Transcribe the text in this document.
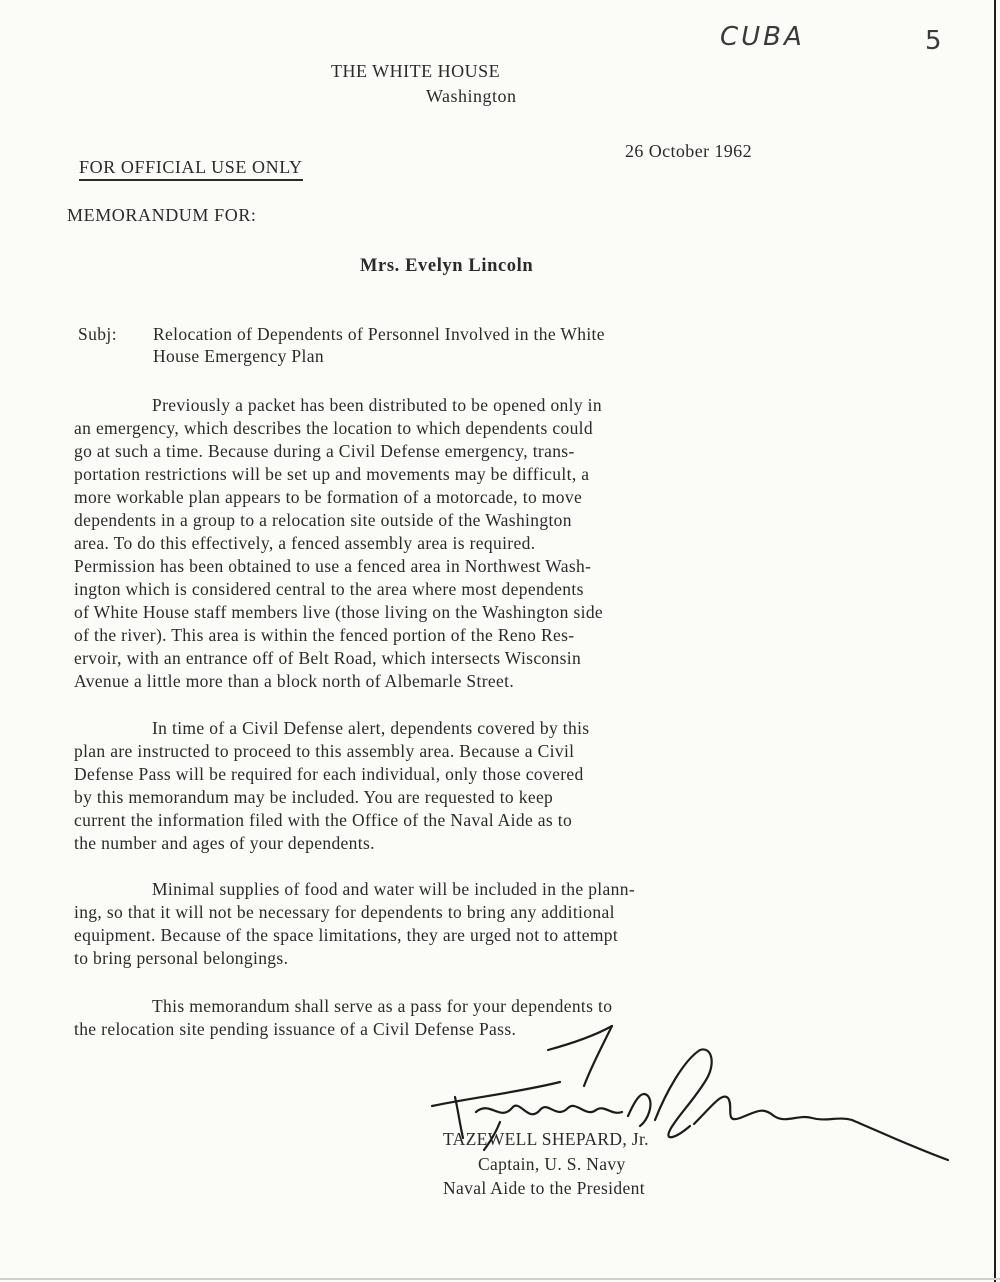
CUBA	5
THE WHITE HOUSE
Washington
26 October 1962
FOR OFFICIAL USE ONLY
MEMORANDUM FOR:
Mrs. Evelyn Lincoln
Subj: Relocation of Dependents of Personnel Involved in the White
House Emergency Plan
Previously a packet has been distributed to be opened only in
an emergency, which describes the location to which dependents could
go at such a time. Because during a Civil Defense emergency, trans-
portation restrictions will be set up and movements may be difficult, a
more workable plan appears to be formation of a motorcade, to move
dependents in a group to a relocation site outside of the Washington
area. To do this effectively, a fenced assembly area is required.
Permission has been obtained to use a fenced area in Northwest Wash-
ington which is considered central to the area where most dependents
of White House staff members live (those living on the Washington side
of the river). This area is within the fenced portion of the Reno Res-
ervoir, with an entrance off of Belt Road, which intersects Wisconsin
Avenue a little more than a block north of Albemarle Street.
In time of a Civil Defense alert, dependents covered by this
plan are instructed to proceed to this assembly area. Because a Civil
Defense Pass will be required for each individual, only those covered
by this memorandum may be included. You are requested to keep
current the information filed with the Office of the Naval Aide as to
the number and ages of your dependents.
Minimal supplies of food and water will be included in the plann-
ing, so that it will not be necessary for dependents to bring any additional
equipment. Because of the space limitations, they are urged not to attempt
to bring personal belongings.
This memorandum shall serve as a pass for your dependents to
the relocation site pending issuance of a Civil Defense Pass.
TAZEWELL SHEPARD, Jr.
Captain, U. S. Navy
Naval Aide to the President
